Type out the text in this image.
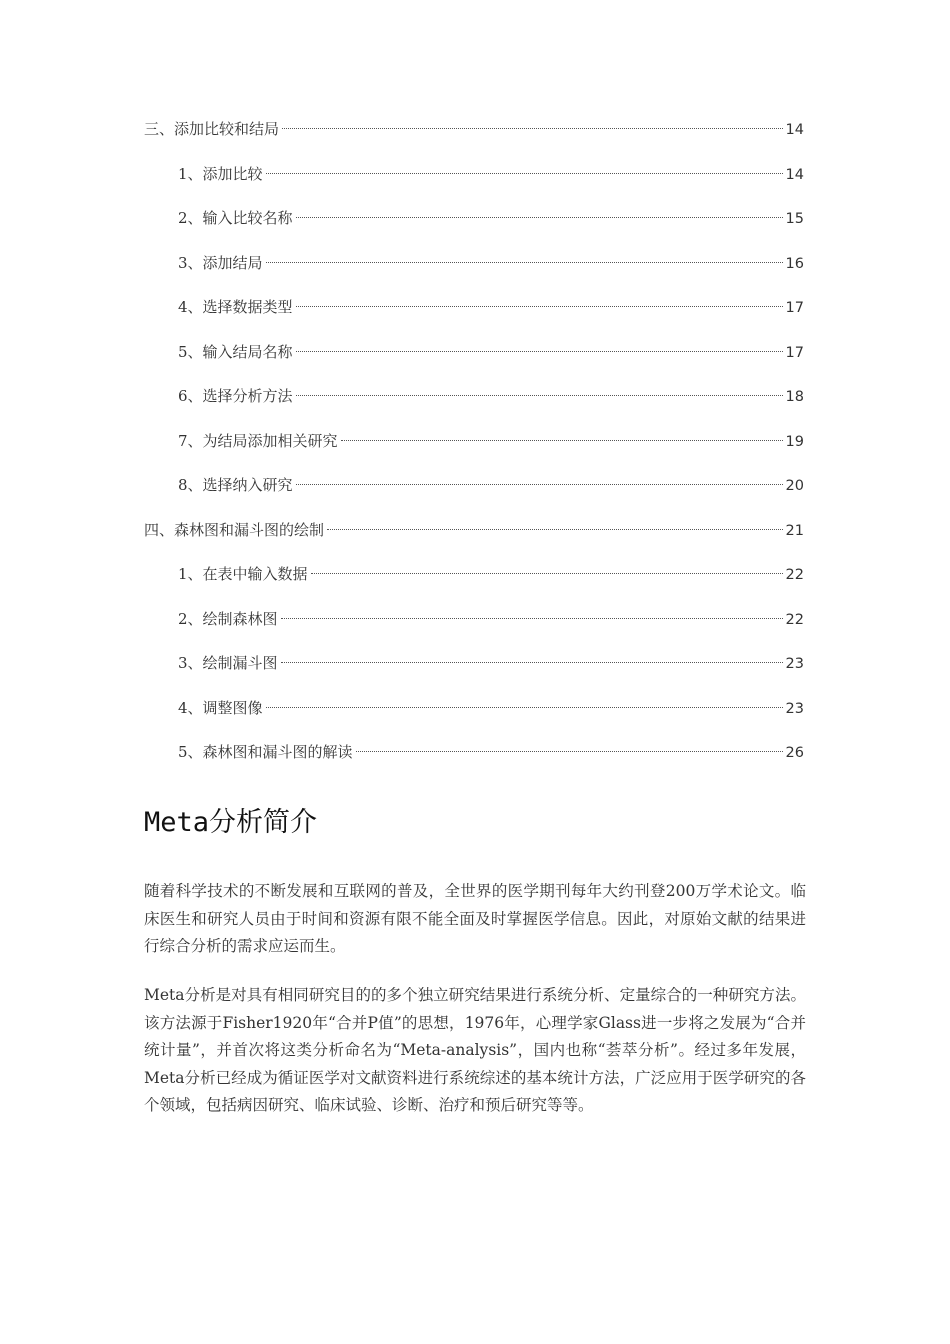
三、添加比较和结局	14
1、添加比较	14
2、输入比较名称	15
3、添加结局	16
4、选择数据类型	17
5、输入结局名称	17
6、选择分析方法	18
7、为结局添加相关研究	19
8、选择纳入研究	20
四、森林图和漏斗图的绘制	21
1、在表中输入数据	22
2、绘制森林图	22
3、绘制漏斗图	23
4、调整图像	23
5、森林图和漏斗图的解读	26
Meta分析简介

随着科学技术的不断发展和互联网的普及，全世界的医学期刊每年大约刊登200万学术论文。临床医生和研究人员由于时间和资源有限不能全面及时掌握医学信息。因此，对原始文献的结果进行综合分析的需求应运而生。

Meta分析是对具有相同研究目的的多个独立研究结果进行系统分析、定量综合的一种研究方法。该方法源于Fisher1920年“合并P值”的思想，1976年，心理学家Glass进一步将之发展为“合并统计量”，并首次将这类分析命名为“Meta-analysis”，国内也称“荟萃分析”。经过多年发展，Meta分析已经成为循证医学对文献资料进行系统综述的基本统计方法，广泛应用于医学研究的各个领域，包括病因研究、临床试验、诊断、治疗和预后研究等等。
